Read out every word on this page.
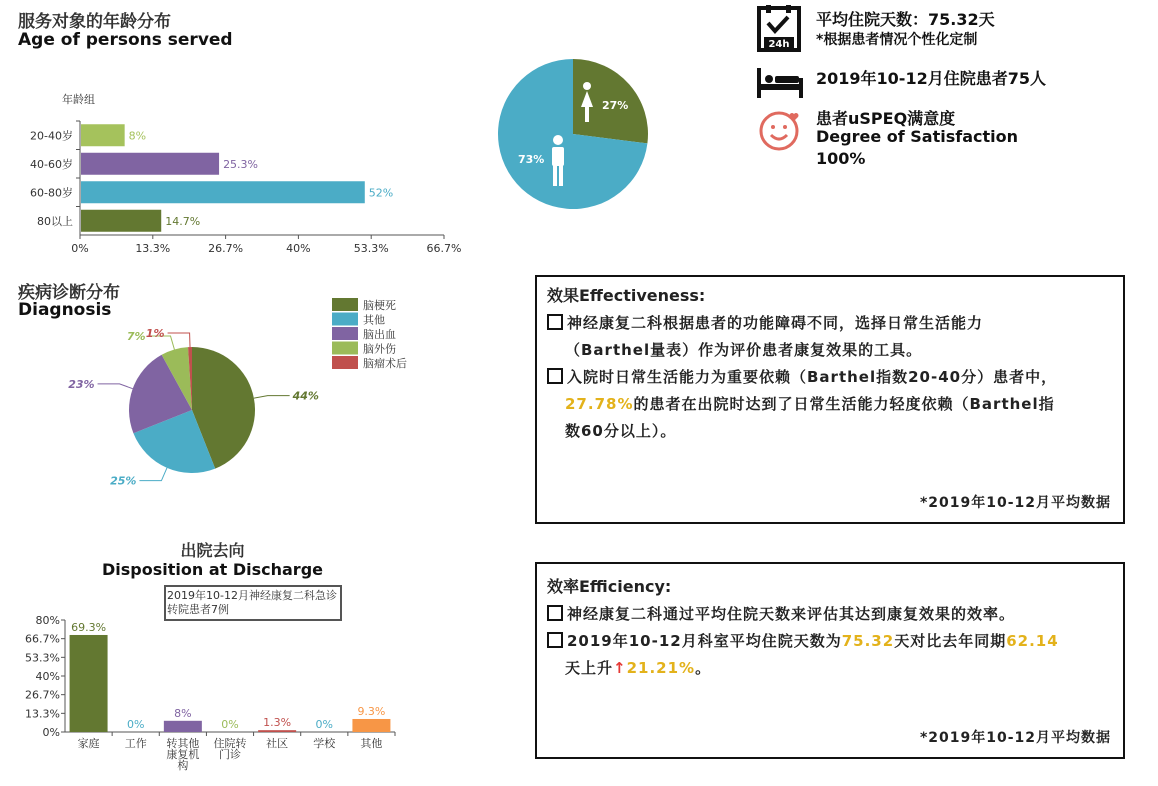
服务对象的年龄分布
Age of persons served
年龄组
20-40岁	8%
40-60岁	25.3%
60-80岁	52%
80以上	14.7%
0%	13.3%	26.7%	40%	53.3%	66.7%
27%
73%
24h
平均住院天数：75.32天
*根据患者情况个性化定制
2019年10-12月住院患者75人
患者uSPEQ满意度
Degree of Satisfaction
100%
疾病诊断分布
Diagnosis
44%
25%
23%
7% 1%
脑梗死
其他
脑出血
脑外伤
脑瘤术后
出院去向
Disposition at Discharge
2019年10-12月神经康复二科急诊转院患者7例
0%
13.3%
26.7%
40%
53.3%
66.7%
80%
69.3%
家庭
0%
工作
8%
转其他康复机构
0%
住院转门诊
1.3%
社区
0%
学校
9.3%
其他
效果Effectiveness:
神经康复二科根据患者的功能障碍不同，选择日常生活能力
（Barthel量表）作为评价患者康复效果的工具。
入院时日常生活能力为重要依赖（Barthel指数20-40分）患者中，
27.78%的患者在出院时达到了日常生活能力轻度依赖（Barthel指
数60分以上）。
*2019年10-12月平均数据
效率Efficiency:
神经康复二科通过平均住院天数来评估其达到康复效果的效率。
2019年10-12月科室平均住院天数为75.32天对比去年同期62.14
天上升↑21.21%。
*2019年10-12月平均数据
